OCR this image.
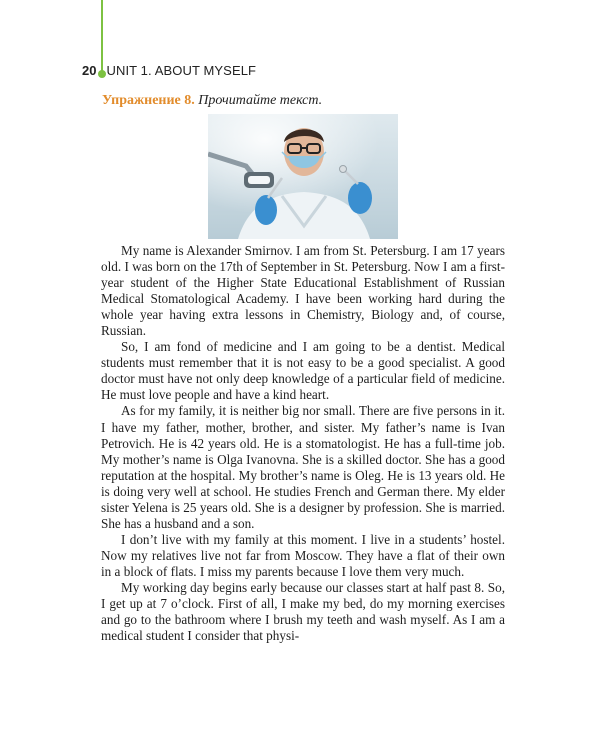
20 UNIT 1. ABOUT MYSELF
Упражнение 8. Прочитайте текст.

My name is Alexander Smirnov. I am from St. Petersburg. I am 17 years old. I was born on the 17th of September in St. Petersburg. Now I am a first-year student of the Higher State Educational Establishment of Russian Medical Stomatological Academy. I have been working hard during the whole year having extra lessons in Chemistry, Biology and, of course, Russian.

So, I am fond of medicine and I am going to be a dentist. Medical students must remember that it is not easy to be a good specialist. A good doctor must have not only deep knowledge of a particular field of medicine. He must love people and have a kind heart.

As for my family, it is neither big nor small. There are five persons in it. I have my father, mother, brother, and sister. My father’s name is Ivan Petrovich. He is 42 years old. He is a stomatologist. He has a full-time job. My mother’s name is Olga Ivanovna. She is a skilled doctor. She has a good reputation at the hospital. My brother’s name is Oleg. He is 13 years old. He is doing very well at school. He studies French and German there. My elder sister Yelena is 25 years old. She is a designer by profession. She is married. She has a husband and a son.

I don’t live with my family at this moment. I live in a students’ hostel. Now my relatives live not far from Moscow. They have a flat of their own in a block of flats. I miss my parents because I love them very much.

My working day begins early because our classes start at half past 8. So, I get up at 7 o’clock. First of all, I make my bed, do my morning exercises and go to the bathroom where I brush my teeth and wash myself. As I am a medical student I consider that physi-
